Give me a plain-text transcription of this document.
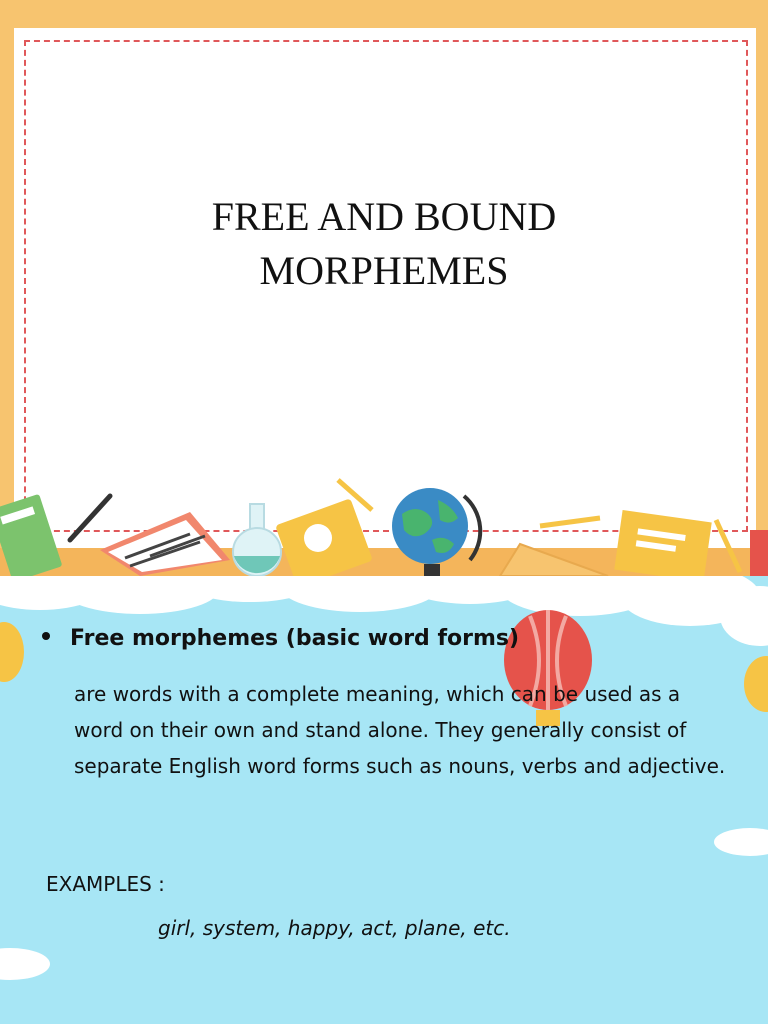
FREE AND BOUND
MORPHEMES
Free morphemes (basic word forms)
are words with a complete meaning, which can be used as a word on their own and stand alone. They generally consist of separate English word forms such as nouns, verbs and adjective.
EXAMPLES :
girl, system, happy, act, plane, etc.
